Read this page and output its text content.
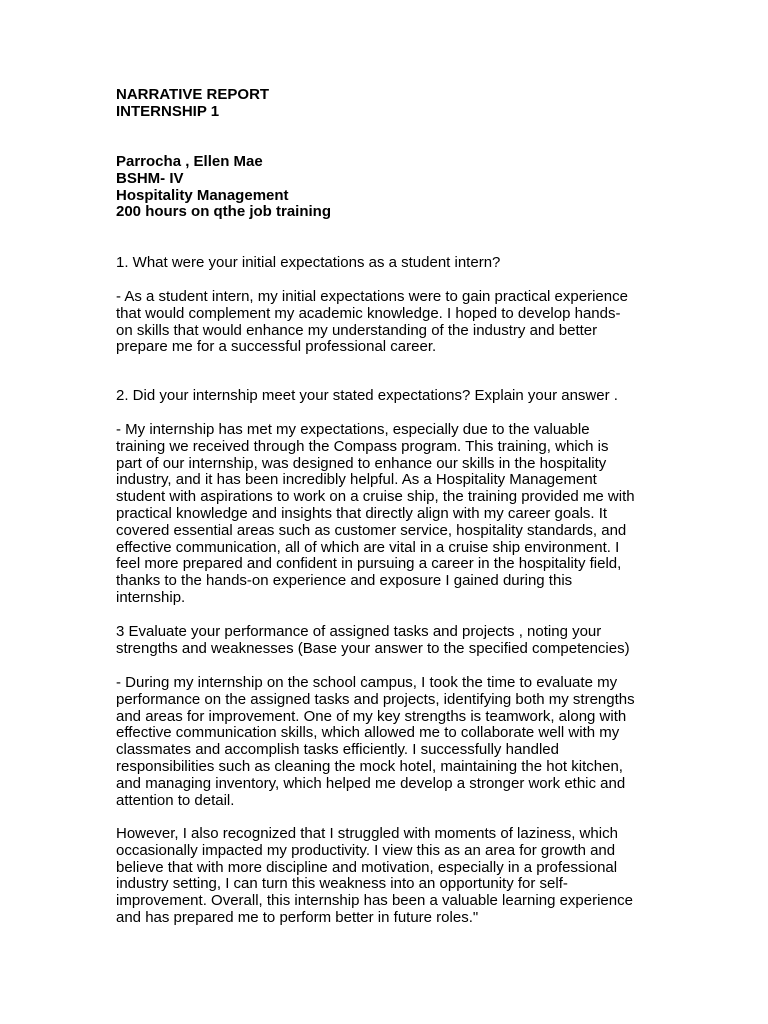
NARRATIVE REPORT
INTERNSHIP 1

Parrocha , Ellen Mae
BSHM- IV
Hospitality Management
200 hours on qthe job training

1. What were your initial expectations as a student intern?

- As a student intern, my initial expectations were to gain practical experience
that would complement my academic knowledge. I hoped to develop hands-
on skills that would enhance my understanding of the industry and better
prepare me for a successful professional career.

2. Did your internship meet your stated expectations? Explain your answer .

- My internship has met my expectations, especially due to the valuable
training we received through the Compass program. This training, which is
part of our internship, was designed to enhance our skills in the hospitality
industry, and it has been incredibly helpful. As a Hospitality Management
student with aspirations to work on a cruise ship, the training provided me with
practical knowledge and insights that directly align with my career goals. It
covered essential areas such as customer service, hospitality standards, and
effective communication, all of which are vital in a cruise ship environment. I
feel more prepared and confident in pursuing a career in the hospitality field,
thanks to the hands-on experience and exposure I gained during this
internship.

3 Evaluate your performance of assigned tasks and projects , noting your
strengths and weaknesses (Base your answer to the specified competencies)

- During my internship on the school campus, I took the time to evaluate my
performance on the assigned tasks and projects, identifying both my strengths
and areas for improvement. One of my key strengths is teamwork, along with
effective communication skills, which allowed me to collaborate well with my
classmates and accomplish tasks efficiently. I successfully handled
responsibilities such as cleaning the mock hotel, maintaining the hot kitchen,
and managing inventory, which helped me develop a stronger work ethic and
attention to detail.

However, I also recognized that I struggled with moments of laziness, which
occasionally impacted my productivity. I view this as an area for growth and
believe that with more discipline and motivation, especially in a professional
industry setting, I can turn this weakness into an opportunity for self-
improvement. Overall, this internship has been a valuable learning experience
and has prepared me to perform better in future roles."
